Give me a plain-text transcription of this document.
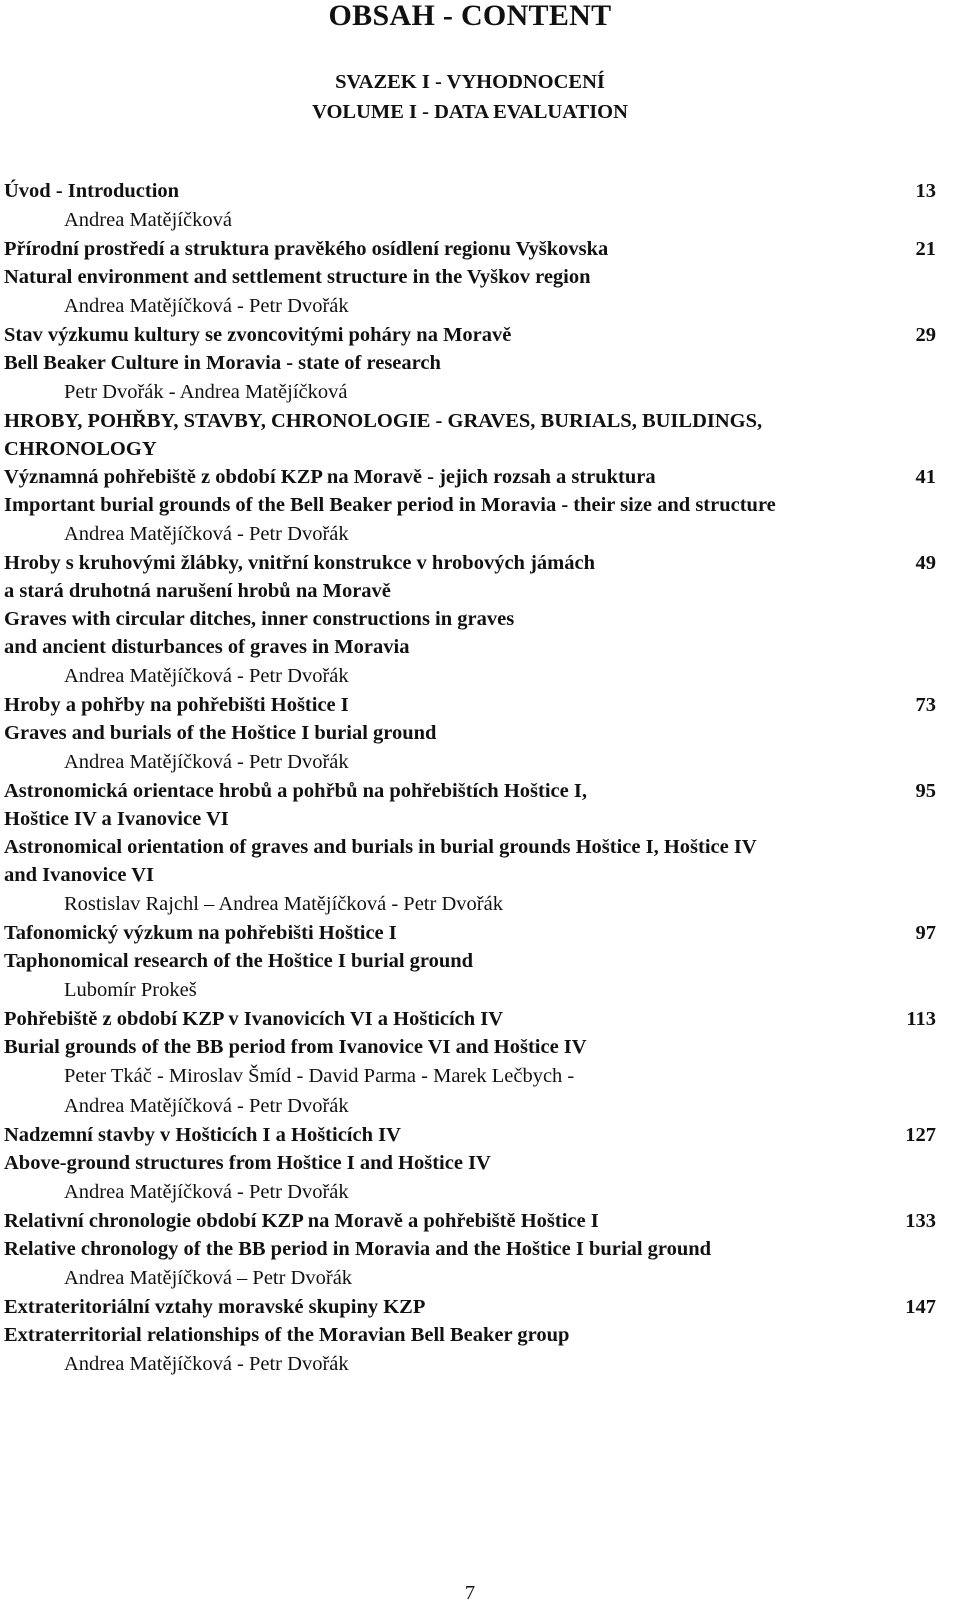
OBSAH - CONTENT
SVAZEK I - VYHODNOCENÍ
VOLUME I - DATA EVALUATION
Úvod - Introduction
Andrea Matějíčková
13
Přírodní prostředí a struktura pravěkého osídlení regionu Vyškovska
Natural environment and settlement structure in the Vyškov region
Andrea Matějíčková - Petr Dvořák
21
Stav výzkumu kultury se zvoncovitými poháry na Moravě
Bell Beaker Culture in Moravia - state of research
Petr Dvořák - Andrea Matějíčková
29
HROBY, POHŘBY, STAVBY, CHRONOLOGIE - GRAVES, BURIALS, BUILDINGS, CHRONOLOGY
Významná pohřebiště z období KZP na Moravě - jejich rozsah a struktura
Important burial grounds of the Bell Beaker period in Moravia - their size and structure
Andrea Matějíčková - Petr Dvořák
41
Hroby s kruhovými žlábky, vnitřní konstrukce v hrobových jámách
a stará druhotná narušení hrobů na Moravě
Graves with circular ditches, inner constructions in graves
and ancient disturbances of graves in Moravia
Andrea Matějíčková - Petr Dvořák
49
Hroby a pohřby na pohřebišti Hoštice I
Graves and burials of the Hoštice I burial ground
Andrea Matějíčková - Petr Dvořák
73
Astronomická orientace hrobů a pohřbů na pohřebištích Hoštice I,
Hoštice IV a Ivanovice VI
Astronomical orientation of graves and burials in burial grounds Hoštice I, Hoštice IV
and Ivanovice VI
Rostislav Rajchl – Andrea Matějíčková - Petr Dvořák
95
Tafonomický výzkum na pohřebišti Hoštice I
Taphonomical research of the Hoštice I burial ground
Lubomír Prokeš
97
Pohřebiště z období KZP v Ivanovicích VI a Hošticích IV
Burial grounds of the BB period from Ivanovice VI and Hoštice IV
Peter Tkáč - Miroslav Šmíd - David Parma - Marek Lečbych -
Andrea Matějíčková - Petr Dvořák
113
Nadzemní stavby v Hošticích I a Hošticích IV
Above-ground structures from Hoštice I and Hoštice IV
Andrea Matějíčková - Petr Dvořák
127
Relativní chronologie období KZP na Moravě a pohřebiště Hoštice I
Relative chronology of the BB period in Moravia and the Hoštice I burial ground
Andrea Matějíčková – Petr Dvořák
133
Extrateritoriální vztahy moravské skupiny KZP
Extraterritorial relationships of the Moravian Bell Beaker group
Andrea Matějíčková - Petr Dvořák
147
7
